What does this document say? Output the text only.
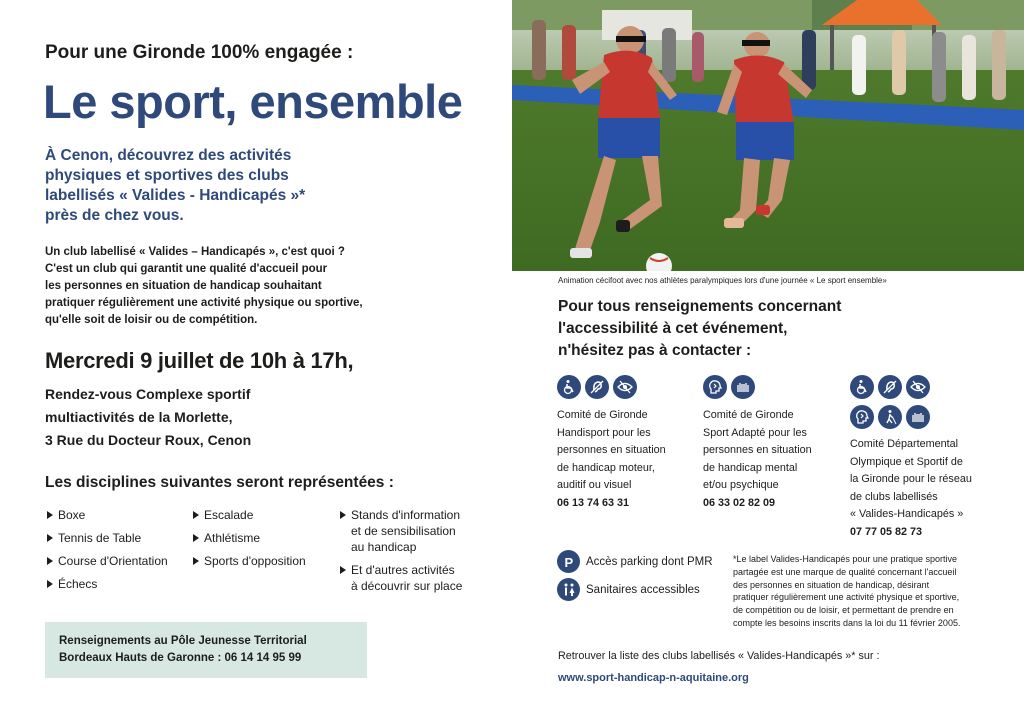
Pour une Gironde 100% engagée :
Le sport, ensemble
À Cenon, découvrez des activités
physiques et sportives des clubs
labellisés « Valides - Handicapés »*
près de chez vous.
Un club labellisé « Valides – Handicapés », c'est quoi ?
C'est un club qui garantit une qualité d'accueil pour
les personnes en situation de handicap souhaitant
pratiquer régulièrement une activité physique ou sportive,
qu'elle soit de loisir ou de compétition.
Mercredi 9 juillet de 10h à 17h,
Rendez-vous Complexe sportif
multiactivités de la Morlette,
3 Rue du Docteur Roux, Cenon
Les disciplines suivantes seront représentées :
Boxe
Tennis de Table
Course d'Orientation
Échecs
Escalade
Athlétisme
Sports d'opposition
Stands d'information
et de sensibilisation
au handicap
Et d'autres activités
à découvrir sur place
Renseignements au Pôle Jeunesse Territorial
Bordeaux Hauts de Garonne : 06 14 14 95 99
Animation cécifoot avec nos athlètes paralympiques lors d'une journée « Le sport ensemble»
Pour tous renseignements concernant
l'accessibilité à cet événement,
n'hésitez pas à contacter :
Comité de Gironde
Handisport pour les
personnes en situation
de handicap moteur,
auditif ou visuel
06 13 74 63 31
Comité de Gironde
Sport Adapté pour les
personnes en situation
de handicap mental
et/ou psychique
06 33 02 82 09
Comité Départemental
Olympique et Sportif de
la Gironde pour le réseau
de clubs labellisés
« Valides-Handicapés »
07 77 05 82 73
P Accès parking dont PMR
Sanitaires accessibles
*Le label Valides-Handicapés pour une pratique sportive
partagée est une marque de qualité concernant l'accueil
des personnes en situation de handicap, désirant
pratiquer régulièrement une activité physique et sportive,
de compétition ou de loisir, et permettant de prendre en
compte les besoins inscrits dans la loi du 11 février 2005.
Retrouver la liste des clubs labellisés « Valides-Handicapés »* sur :
www.sport-handicap-n-aquitaine.org
